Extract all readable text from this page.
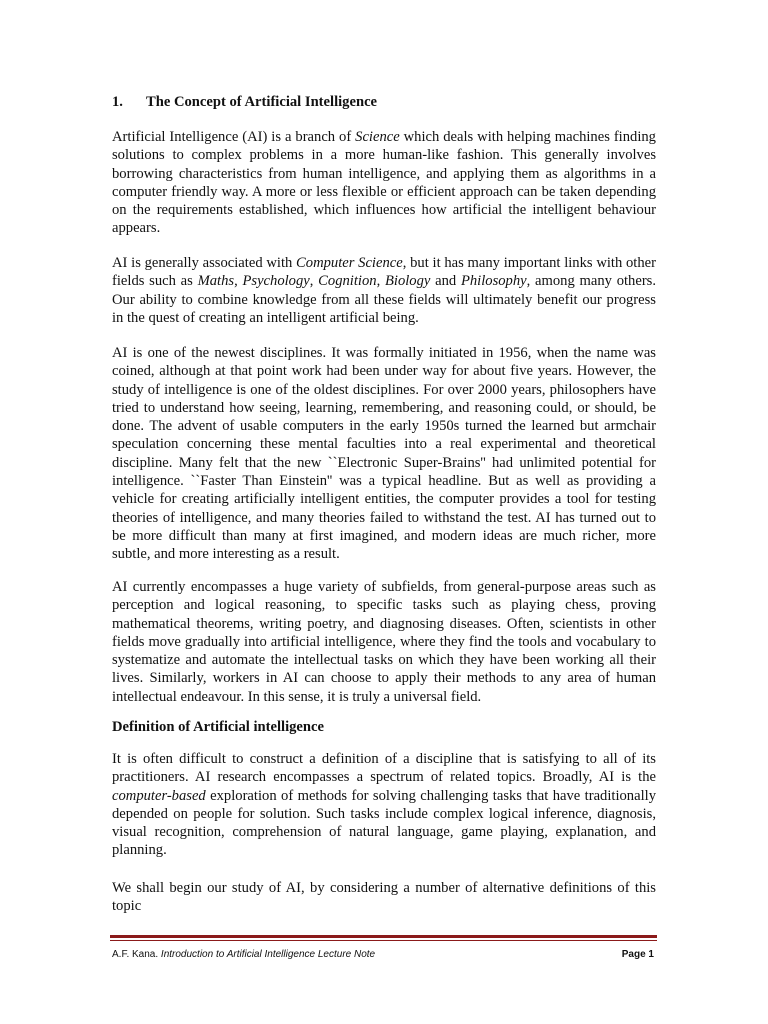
1. The Concept of Artificial Intelligence

Artificial Intelligence (AI) is a branch of Science which deals with helping machines finding solutions to complex problems in a more human-like fashion. This generally involves borrowing characteristics from human intelligence, and applying them as algorithms in a computer friendly way. A more or less flexible or efficient approach can be taken depending on the requirements established, which influences how artificial the intelligent behaviour appears.

AI is generally associated with Computer Science, but it has many important links with other fields such as Maths, Psychology, Cognition, Biology and Philosophy, among many others. Our ability to combine knowledge from all these fields will ultimately benefit our progress in the quest of creating an intelligent artificial being.

AI is one of the newest disciplines. It was formally initiated in 1956, when the name was coined, although at that point work had been under way for about five years. However, the study of intelligence is one of the oldest disciplines. For over 2000 years, philosophers have tried to understand how seeing, learning, remembering, and reasoning could, or should, be done. The advent of usable computers in the early 1950s turned the learned but armchair speculation concerning these mental faculties into a real experimental and theoretical discipline. Many felt that the new ``Electronic Super-Brains'' had unlimited potential for intelligence. ``Faster Than Einstein'' was a typical headline. But as well as providing a vehicle for creating artificially intelligent entities, the computer provides a tool for testing theories of intelligence, and many theories failed to withstand the test. AI has turned out to be more difficult than many at first imagined, and modern ideas are much richer, more subtle, and more interesting as a result.

AI currently encompasses a huge variety of subfields, from general-purpose areas such as perception and logical reasoning, to specific tasks such as playing chess, proving mathematical theorems, writing poetry, and diagnosing diseases. Often, scientists in other fields move gradually into artificial intelligence, where they find the tools and vocabulary to systematize and automate the intellectual tasks on which they have been working all their lives. Similarly, workers in AI can choose to apply their methods to any area of human intellectual endeavour. In this sense, it is truly a universal field.

Definition of Artificial intelligence

It is often difficult to construct a definition of a discipline that is satisfying to all of its practitioners. AI research encompasses a spectrum of related topics. Broadly, AI is the computer-based exploration of methods for solving challenging tasks that have traditionally depended on people for solution. Such tasks include complex logical inference, diagnosis, visual recognition, comprehension of natural language, game playing, explanation, and planning.

We shall begin our study of AI, by considering a number of alternative definitions of this topic

A.F. Kana. Introduction to Artificial Intelligence Lecture Note	Page 1
